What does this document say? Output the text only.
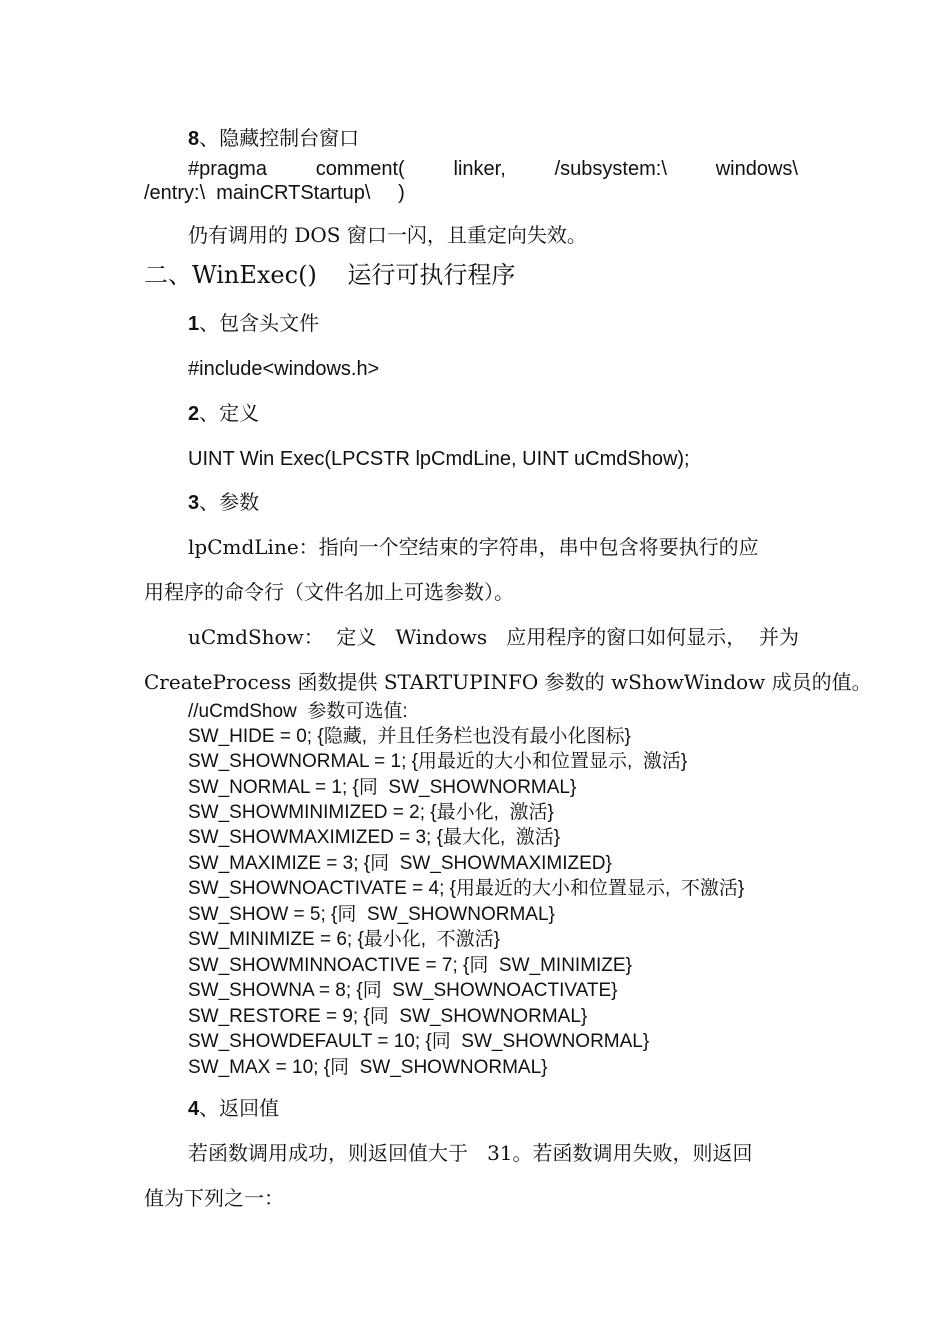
8、隐藏控制台窗口
#pragma comment( linker, /subsystem:\ windows\
/entry:\  mainCRTStartup\     )
仍有调用的 DOS 窗口一闪，且重定向失效。
二、WinExec()    运行可执行程序
1、包含头文件
#include<windows.h>
2、定义
UINT Win Exec(LPCSTR lpCmdLine, UINT uCmdShow);
3、参数
lpCmdLine：指向一个空结束的字符串，串中包含将要执行的应
用程序的命令行（文件名加上可选参数）。
uCmdShow：  定义   Windows   应用程序的窗口如何显示，  并为
CreateProcess 函数提供 STARTUPINFO 参数的 wShowWindow 成员的值。
//uCmdShow  参数可选值:
SW_HIDE = 0; {隐藏,  并且任务栏也没有最小化图标}
SW_SHOWNORMAL = 1; {用最近的大小和位置显示,  激活}
SW_NORMAL = 1; {同  SW_SHOWNORMAL}
SW_SHOWMINIMIZED = 2; {最小化,  激活}
SW_SHOWMAXIMIZED = 3; {最大化,  激活}
SW_MAXIMIZE = 3; {同  SW_SHOWMAXIMIZED}
SW_SHOWNOACTIVATE = 4; {用最近的大小和位置显示,  不激活}
SW_SHOW = 5; {同  SW_SHOWNORMAL}
SW_MINIMIZE = 6; {最小化,  不激活}
SW_SHOWMINNOACTIVE = 7; {同  SW_MINIMIZE}
SW_SHOWNA = 8; {同  SW_SHOWNOACTIVATE}
SW_RESTORE = 9; {同  SW_SHOWNORMAL}
SW_SHOWDEFAULT = 10; {同  SW_SHOWNORMAL}
SW_MAX = 10; {同  SW_SHOWNORMAL}
4、返回值
若函数调用成功，则返回值大于   31。若函数调用失败，则返回
值为下列之一：
